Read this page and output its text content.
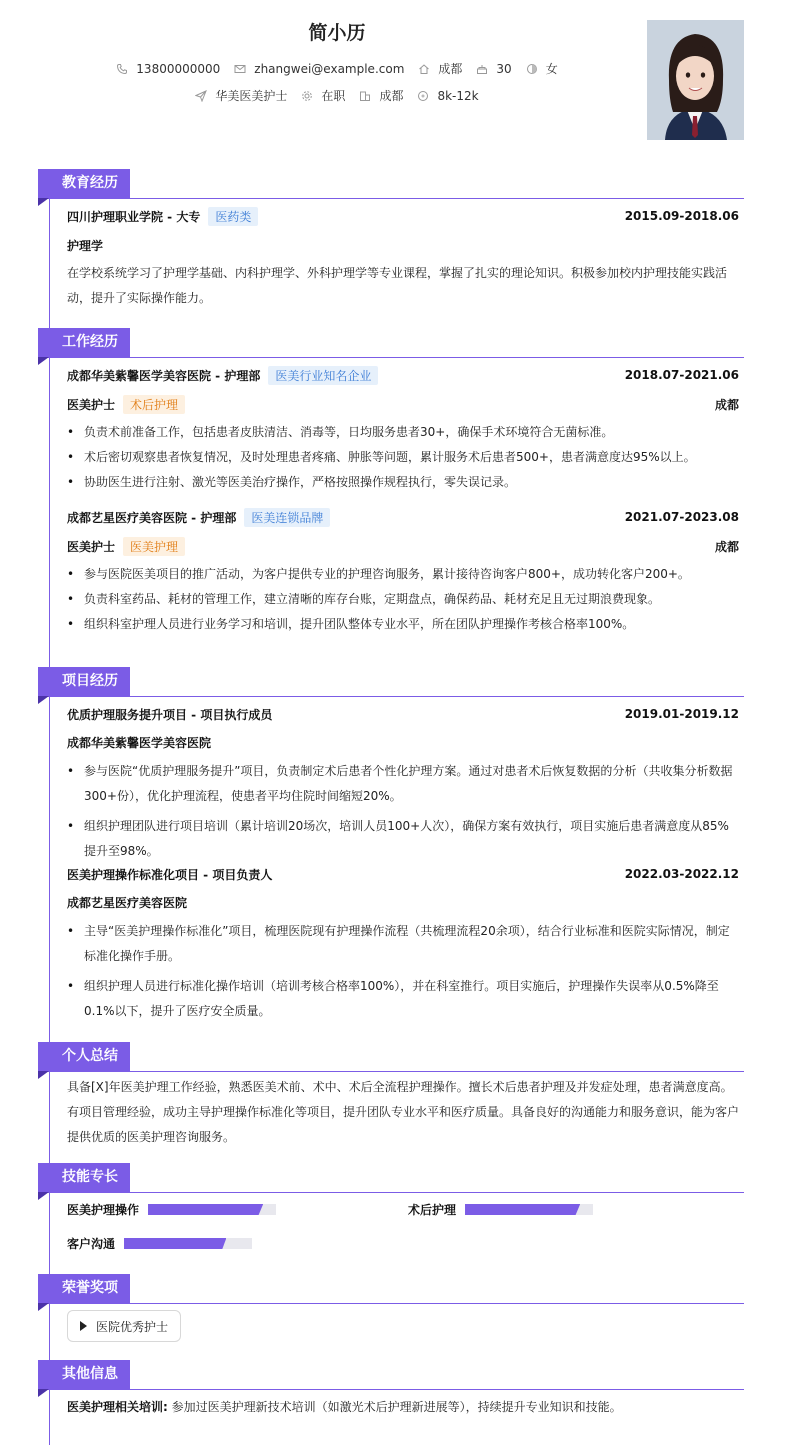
简小历
13800000000	zhangwei@example.com	成都	30	女
华美医美护士	在职	成都	8k-12k
教育经历
四川护理职业学院 - 大专	医药类	2015.09-2018.06
护理学
在学校系统学习了护理学基础、内科护理学、外科护理学等专业课程，掌握了扎实的理论知识。积极参加校内护理技能实践活动，提升了实际操作能力。
工作经历
成都华美紫馨医学美容医院 - 护理部	医美行业知名企业	2018.07-2021.06
医美护士	术后护理	成都
• 负责术前准备工作，包括患者皮肤清洁、消毒等，日均服务患者30+，确保手术环境符合无菌标准。
• 术后密切观察患者恢复情况，及时处理患者疼痛、肿胀等问题，累计服务术后患者500+，患者满意度达95%以上。
• 协助医生进行注射、激光等医美治疗操作，严格按照操作规程执行，零失误记录。
成都艺星医疗美容医院 - 护理部	医美连锁品牌	2021.07-2023.08
医美护士	医美护理	成都
• 参与医院医美项目的推广活动，为客户提供专业的护理咨询服务，累计接待咨询客户800+，成功转化客户200+。
• 负责科室药品、耗材的管理工作，建立清晰的库存台账，定期盘点，确保药品、耗材充足且无过期浪费现象。
• 组织科室护理人员进行业务学习和培训，提升团队整体专业水平，所在团队护理操作考核合格率100%。
项目经历
优质护理服务提升项目 - 项目执行成员	2019.01-2019.12
成都华美紫馨医学美容医院
• 参与医院“优质护理服务提升”项目，负责制定术后患者个性化护理方案。通过对患者术后恢复数据的分析（共收集分析数据300+份），优化护理流程，使患者平均住院时间缩短20%。
• 组织护理团队进行项目培训（累计培训20场次，培训人员100+人次），确保方案有效执行，项目实施后患者满意度从85%提升至98%。
医美护理操作标准化项目 - 项目负责人	2022.03-2022.12
成都艺星医疗美容医院
• 主导“医美护理操作标准化”项目，梳理医院现有护理操作流程（共梳理流程20余项），结合行业标准和医院实际情况，制定标准化操作手册。
• 组织护理人员进行标准化操作培训（培训考核合格率100%），并在科室推行。项目实施后，护理操作失误率从0.5%降至0.1%以下，提升了医疗安全质量。
个人总结
具备[X]年医美护理工作经验，熟悉医美术前、术中、术后全流程护理操作。擅长术后患者护理及并发症处理，患者满意度高。有项目管理经验，成功主导护理操作标准化等项目，提升团队专业水平和医疗质量。具备良好的沟通能力和服务意识，能为客户提供优质的医美护理咨询服务。
技能专长
医美护理操作	术后护理
客户沟通
荣誉奖项
医院优秀护士
其他信息
医美护理相关培训: 参加过医美护理新技术培训（如激光术后护理新进展等），持续提升专业知识和技能。
